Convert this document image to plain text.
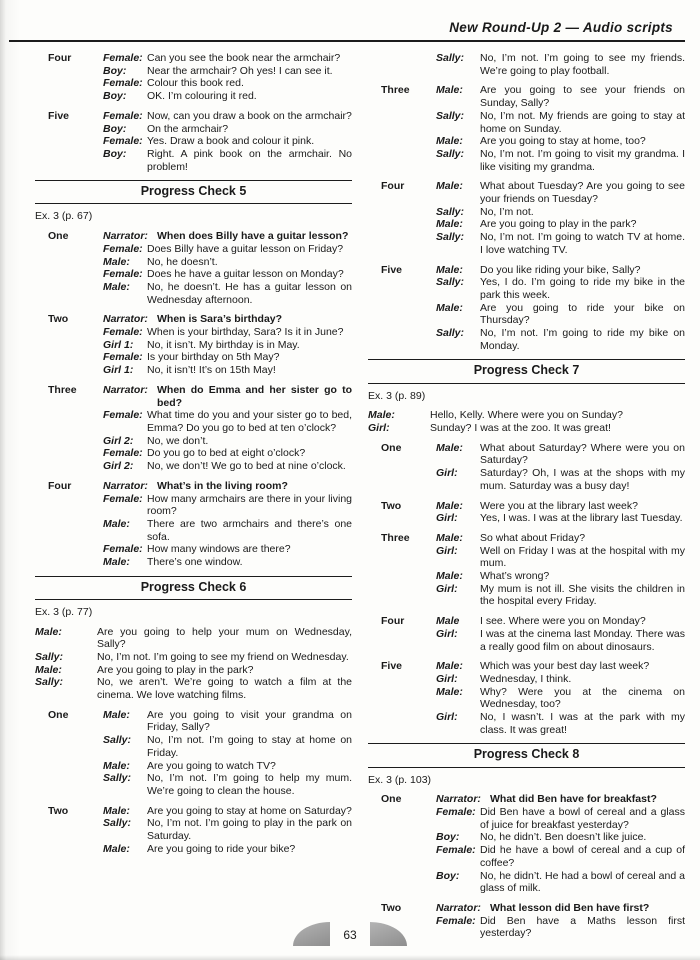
New Round-Up 2 — Audio scripts
Four	Female: Can you see the book near the armchair?
Boy:	Near the armchair? Oh yes! I can see it.
Female: Colour this book red.
Boy:	OK. I’m colouring it red.
Five	Female: Now, can you draw a book on the armchair?
Boy:	On the armchair?
Female: Yes. Draw a book and colour it pink.
Boy:	Right. A pink book on the armchair. No problem!
Progress Check 5
Ex. 3 (p. 67)
One	Narrator: When does Billy have a guitar lesson?
Female: Does Billy have a guitar lesson on Friday?
Male:	No, he doesn’t.
Female: Does he have a guitar lesson on Monday?
Male:	No, he doesn’t. He has a guitar lesson on Wednesday afternoon.
Two	Narrator: When is Sara’s birthday?
Female: When is your birthday, Sara? Is it in June?
Girl 1:	No, it isn’t. My birthday is in May.
Female: Is your birthday on 5th May?
Girl 1:	No, it isn’t! It’s on 15th May!
Three	Narrator: When do Emma and her sister go to bed?
Female: What time do you and your sister go to bed, Emma? Do you go to bed at ten o’clock?
Girl 2:	No, we don’t.
Female: Do you go to bed at eight o’clock?
Girl 2:	No, we don’t! We go to bed at nine o’clock.
Four	Narrator: What’s in the living room?
Female: How many armchairs are there in your living room?
Male:	There are two armchairs and there’s one sofa.
Female: How many windows are there?
Male:	There’s one window.
Progress Check 6
Ex. 3 (p. 77)
Male:	Are you going to help your mum on Wednesday, Sally?
Sally:	No, I’m not. I’m going to see my friend on Wednesday.
Male:	Are you going to play in the park?
Sally:	No, we aren’t. We’re going to watch a film at the cinema. We love watching films.
One	Male:	Are you going to visit your grandma on Friday, Sally?
Sally:	No, I’m not. I’m going to stay at home on Friday.
Male:	Are you going to watch TV?
Sally:	No, I’m not. I’m going to help my mum. We’re going to clean the house.
Two	Male:	Are you going to stay at home on Saturday?
Sally:	No, I’m not. I’m going to play in the park on Saturday.
Male:	Are you going to ride your bike?
Sally:	No, I’m not. I’m going to see my friends. We’re going to play football.
Three	Male:	Are you going to see your friends on Sunday, Sally?
Sally:	No, I’m not. My friends are going to stay at home on Sunday.
Male:	Are you going to stay at home, too?
Sally:	No, I’m not. I’m going to visit my grandma. I like visiting my grandma.
Four	Male:	What about Tuesday? Are you going to see your friends on Tuesday?
Sally:	No, I’m not.
Male:	Are you going to play in the park?
Sally:	No, I’m not. I’m going to watch TV at home. I love watching TV.
Five	Male:	Do you like riding your bike, Sally?
Sally:	Yes, I do. I’m going to ride my bike in the park this week.
Male:	Are you going to ride your bike on Thursday?
Sally:	No, I’m not. I’m going to ride my bike on Monday.
Progress Check 7
Ex. 3 (p. 89)
Male:	Hello, Kelly. Where were you on Sunday?
Girl:	Sunday? I was at the zoo. It was great!
One	Male:	What about Saturday? Where were you on Saturday?
Girl:	Saturday? Oh, I was at the shops with my mum. Saturday was a busy day!
Two	Male:	Were you at the library last week?
Girl:	Yes, I was. I was at the library last Tuesday.
Three	Male:	So what about Friday?
Girl:	Well on Friday I was at the hospital with my mum.
Male:	What’s wrong?
Girl:	My mum is not ill. She visits the children in the hospital every Friday.
Four	Male	I see. Where were you on Monday?
Girl:	I was at the cinema last Monday. There was a really good film on about dinosaurs.
Five	Male:	Which was your best day last week?
Girl:	Wednesday, I think.
Male:	Why? Were you at the cinema on Wednesday, too?
Girl:	No, I wasn’t. I was at the park with my class. It was great!
Progress Check 8
Ex. 3 (p. 103)
One	Narrator: What did Ben have for breakfast?
Female: Did Ben have a bowl of cereal and a glass of juice for breakfast yesterday?
Boy:	No, he didn’t. Ben doesn’t like juice.
Female: Did he have a bowl of cereal and a cup of coffee?
Boy:	No, he didn’t. He had a bowl of cereal and a glass of milk.
Two	Narrator: What lesson did Ben have first?
Female: Did Ben have a Maths lesson first yesterday?
63
